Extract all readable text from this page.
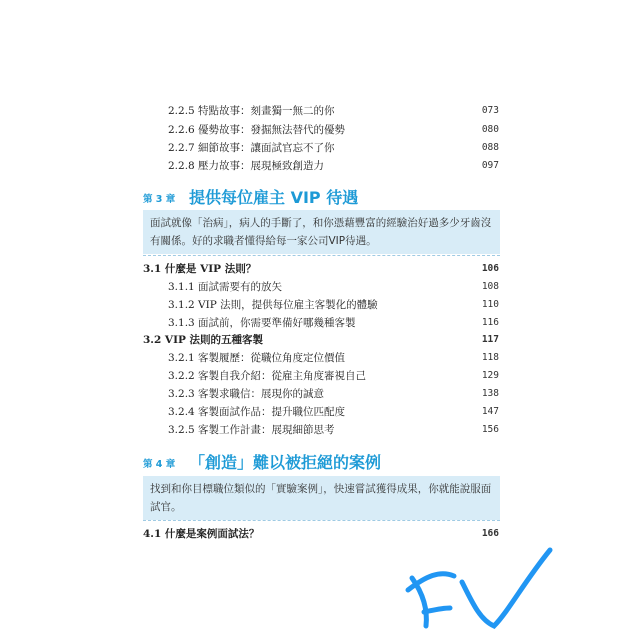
2.2.5 特點故事：刻畫獨一無二的你	073
2.2.6 優勢故事：發掘無法替代的優勢	080
2.2.7 細節故事：讓面試官忘不了你	088
2.2.8 壓力故事：展現極致創造力	097
第 3 章 提供每位雇主 VIP 待遇
面試就像「治病」，病人的手斷了，和你憑藉豐富的經驗治好過多少牙齒沒有關係。好的求職者懂得給每一家公司VIP待遇。
3.1 什麼是 VIP 法則？	106
3.1.1 面試需要有的放矢	108
3.1.2 VIP 法則，提供每位雇主客製化的體驗	110
3.1.3 面試前，你需要準備好哪幾種客製	116
3.2 VIP 法則的五種客製	117
3.2.1 客製履歷：從職位角度定位價值	118
3.2.2 客製自我介紹：從雇主角度審視自己	129
3.2.3 客製求職信：展現你的誠意	138
3.2.4 客製面試作品：提升職位匹配度	147
3.2.5 客製工作計畫：展現細節思考	156
第 4 章 「創造」難以被拒絕的案例
找到和你目標職位類似的「實驗案例」，快速嘗試獲得成果，你就能說服面試官。
4.1 什麼是案例面試法？	166
